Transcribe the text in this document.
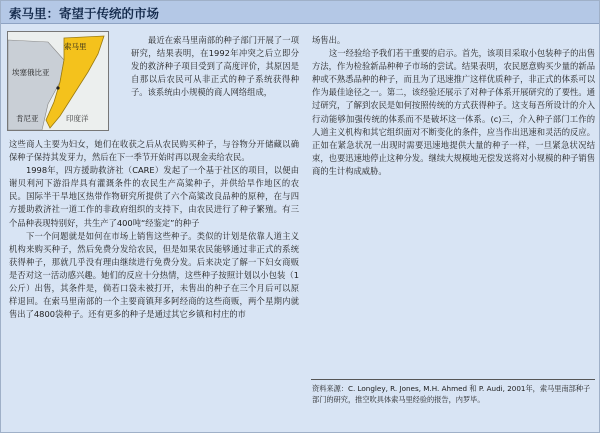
索马里：寄望于传统的市场
索马里
埃塞俄比亚
肯尼亚	印度洋

最近在索马里南部的种子部门开展了一项研究，结果表明，在1992年冲突之后立即分发的救济种子项目受到了高度评价，其原因是自那以后农民可从非正式的种子系统获得种子。该系统由小规模的商人网络组成，

这些商人主要为妇女，她们在收获之后从农民购买种子，与谷物分开储藏以确保种子保持其发芽力，然后在下一季节开始时再以现金卖给农民。

1998年，四方援助救济社（CARE）发起了一个基于社区的项目，以便由谢贝利河下游沿岸具有灌溉条件的农民生产高粱种子，并供给旱作地区的农民。国际半干旱地区热带作物研究所提供了六个高粱改良品种的原种，在与四方援助救济社一道工作的非政府组织的支持下，由农民进行了种子繁殖。有三个品种表现特别好，共生产了400吨“经鉴定”的种子

下一个问题就是如何在市场上销售这些种子。类似的计划是依靠人道主义机构来购买种子，然后免费分发给农民，但是如果农民能够通过非正式的系统获得种子，那就几乎没有理由继续进行免费分发。后来决定了解一下妇女商贩是否对这一活动感兴趣。她们的反应十分热情，这些种子按照计划以小包装（1公斤）出售，其条件是，倘若口袋未被打开，未售出的种子在三个月后可以原样退回。在索马里南部的一个主要商镇拜多阿经商的这些商贩，两个星期内就售出了4800袋种子。还有更多的种子是通过其它乡镇和村庄的市

场售出。

这一经验给予我们若干重要的启示。首先，该项目采取小包装种子的出售方法，作为检验新品种种子市场的尝试。结果表明，农民愿意购买少量的新品种或不熟悉品种的种子，而且为了迅速推广这样优质种子，非正式的体系可以作为最佳途径之一。第二，该经验还展示了对种子体系开展研究的了要性。通过研究，了解到农民是如何按照传统的方式获得种子。这支每吾所设计的介入行动能够加强传统的体系而不是破坏这一体系。(c)三，介入种子部门工作的人道主义机构和其它组织面对不断变化的条件，应当作出迅速和灵活的反应。正如在紧急状况一出现时需要迅速地提供大量的种子一样，一旦紧急状况结束，也要迅速地停止这种分发。继续大规模地无偿发送将对小规模的种子销售商的生计构成威胁。

资料来源：C. Longley, R. Jones, M.H. Ahmed 和 P. Audi, 2001年，索马里南部种子部门的研究，推空吹具体索马里经验的报告，内罗毕。
